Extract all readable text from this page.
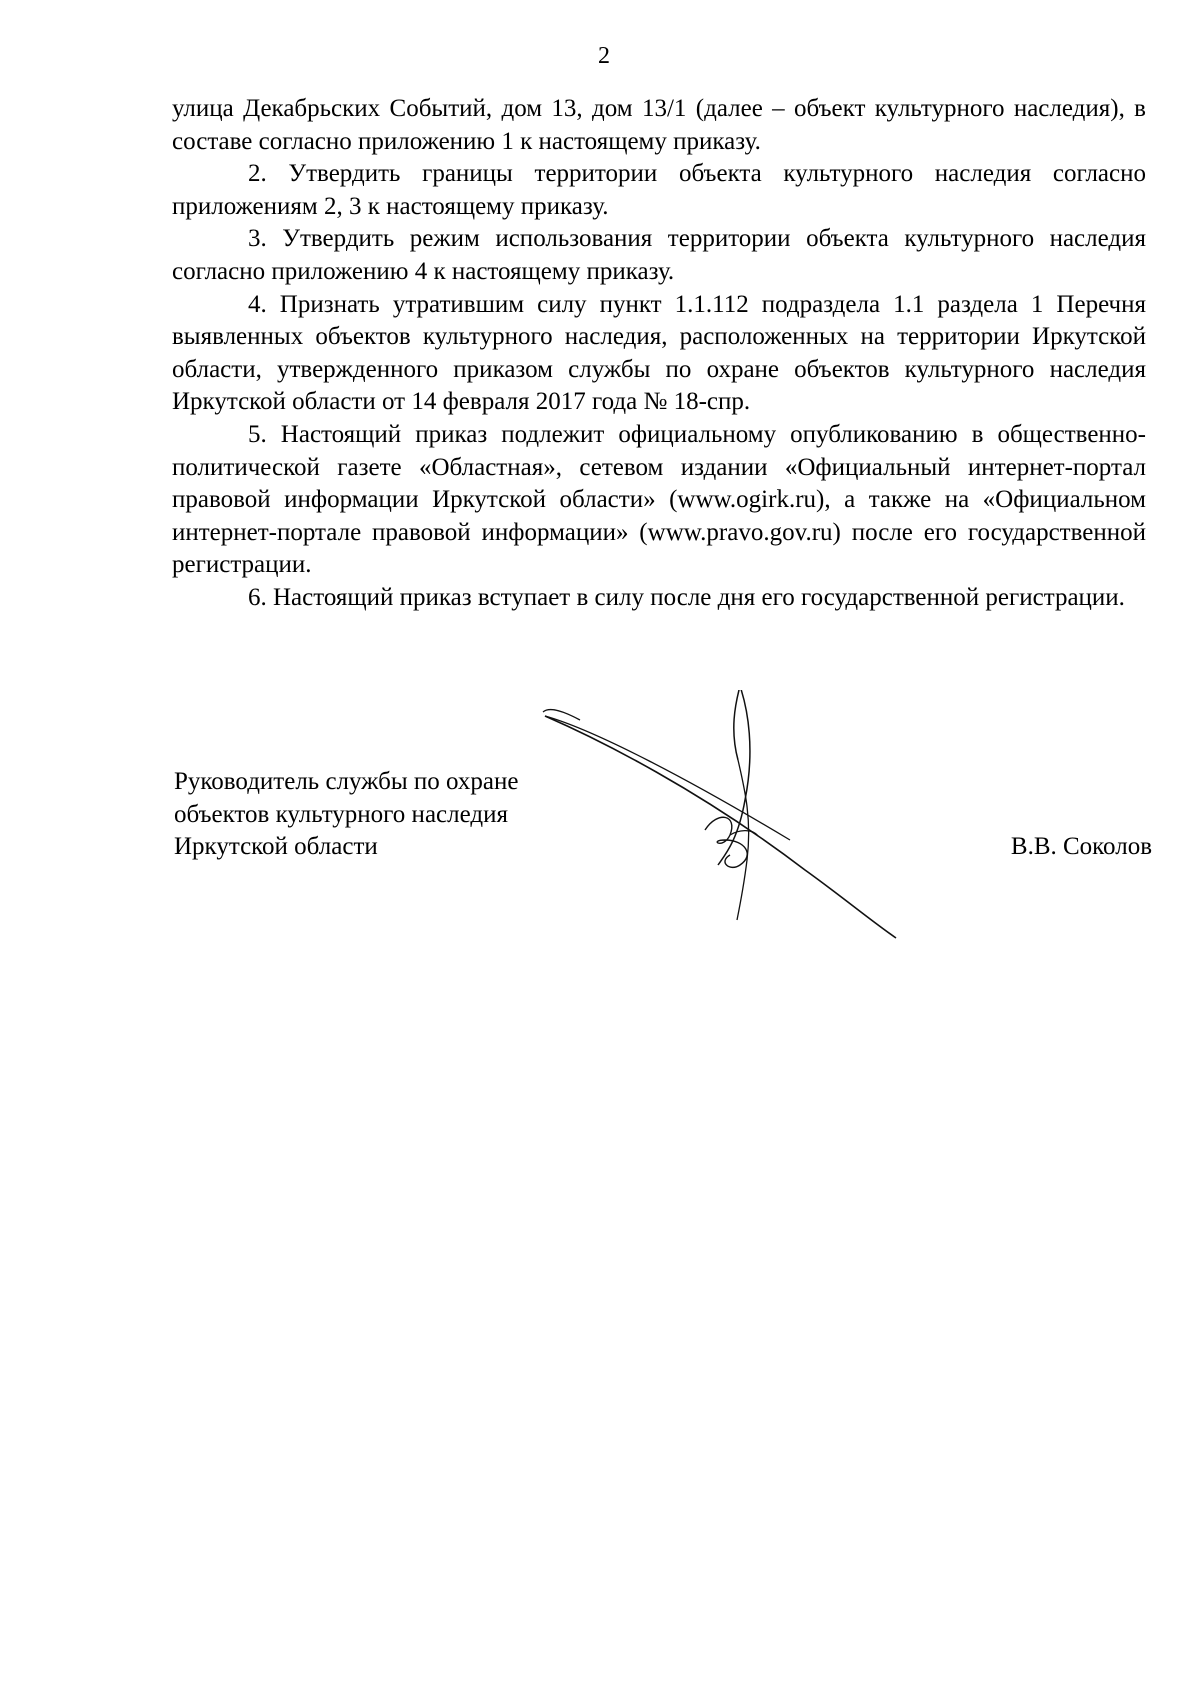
2

улица Декабрьских Событий, дом 13, дом 13/1 (далее – объект культурного наследия), в составе согласно приложению 1 к настоящему приказу.

2. Утвердить границы территории объекта культурного наследия согласно приложениям 2, 3 к настоящему приказу.

3. Утвердить режим использования территории объекта культурного наследия согласно приложению 4 к настоящему приказу.

4. Признать утратившим силу пункт 1.1.112 подраздела 1.1 раздела 1 Перечня выявленных объектов культурного наследия, расположенных на территории Иркутской области, утвержденного приказом службы по охране объектов культурного наследия Иркутской области от 14 февраля 2017 года № 18-спр.

5. Настоящий приказ подлежит официальному опубликованию в общественно-политической газете «Областная», сетевом издании «Официальный интернет-портал правовой информации Иркутской области» (www.ogirk.ru), а также на «Официальном интернет-портале правовой информации» (www.pravo.gov.ru) после его государственной регистрации.

6. Настоящий приказ вступает в силу после дня его государственной регистрации.

Руководитель службы по охране
объектов культурного наследия
Иркутской области	В.В. Соколов
